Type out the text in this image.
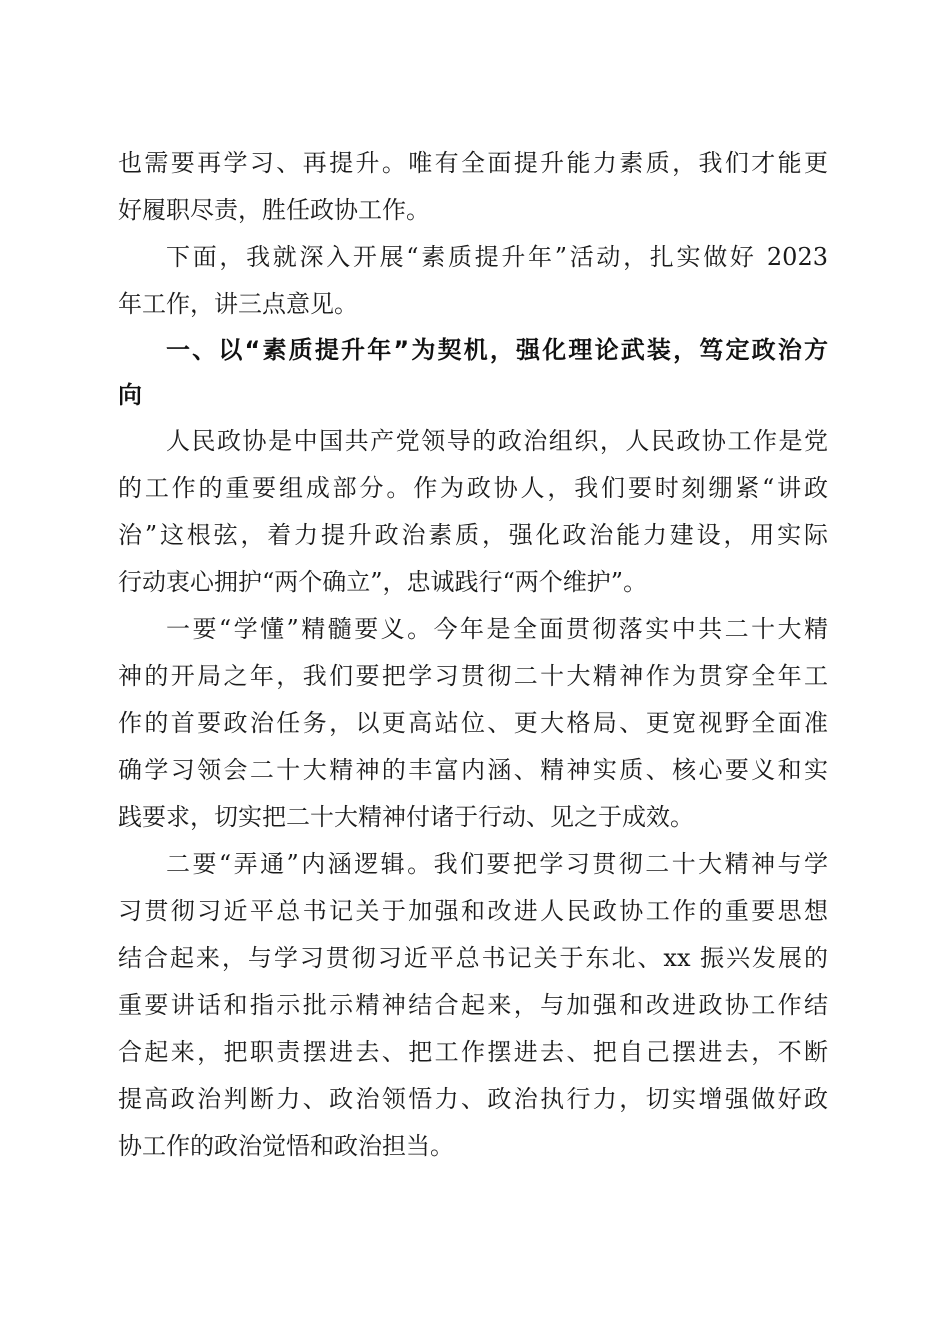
也需要再学习、再提升。唯有全面提升能力素质，我们才能更
好履职尽责，胜任政协工作。
下面，我就深入开展“素质提升年”活动，扎实做好 2023
年工作，讲三点意见。
一、以“素质提升年”为契机，强化理论武装，笃定政治方
向
人民政协是中国共产党领导的政治组织，人民政协工作是党
的工作的重要组成部分。作为政协人，我们要时刻绷紧“讲政
治”这根弦，着力提升政治素质，强化政治能力建设，用实际
行动衷心拥护“两个确立”，忠诚践行“两个维护”。
一要“学懂”精髓要义。今年是全面贯彻落实中共二十大精
神的开局之年，我们要把学习贯彻二十大精神作为贯穿全年工
作的首要政治任务，以更高站位、更大格局、更宽视野全面准
确学习领会二十大精神的丰富内涵、精神实质、核心要义和实
践要求，切实把二十大精神付诸于行动、见之于成效。
二要“弄通”内涵逻辑。我们要把学习贯彻二十大精神与学
习贯彻习近平总书记关于加强和改进人民政协工作的重要思想
结合起来，与学习贯彻习近平总书记关于东北、xx 振兴发展的
重要讲话和指示批示精神结合起来，与加强和改进政协工作结
合起来，把职责摆进去、把工作摆进去、把自己摆进去，不断
提高政治判断力、政治领悟力、政治执行力，切实增强做好政
协工作的政治觉悟和政治担当。
